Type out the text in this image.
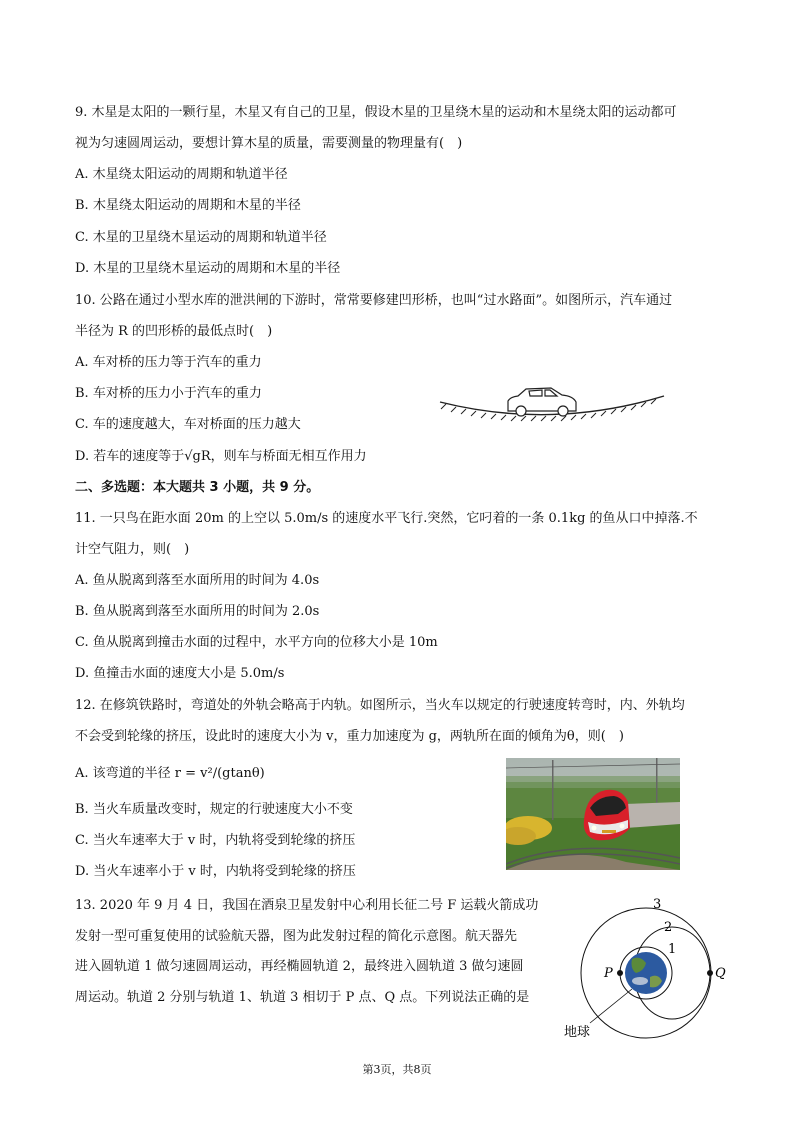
9. 木星是太阳的一颗行星，木星又有自己的卫星，假设木星的卫星绕木星的运动和木星绕太阳的运动都可
视为匀速圆周运动，要想计算木星的质量，需要测量的物理量有(　)
A. 木星绕太阳运动的周期和轨道半径
B. 木星绕太阳运动的周期和木星的半径
C. 木星的卫星绕木星运动的周期和轨道半径
D. 木星的卫星绕木星运动的周期和木星的半径
10. 公路在通过小型水库的泄洪闸的下游时，常常要修建凹形桥，也叫“过水路面”。如图所示，汽车通过
半径为 R 的凹形桥的最低点时(　)
A. 车对桥的压力等于汽车的重力
B. 车对桥的压力小于汽车的重力
C. 车的速度越大，车对桥面的压力越大
D. 若车的速度等于√gR，则车与桥面无相互作用力
二、多选题：本大题共 3 小题，共 9 分。
11. 一只鸟在距水面 20m 的上空以 5.0m/s 的速度水平飞行.突然，它叼着的一条 0.1kg 的鱼从口中掉落.不
计空气阻力，则(　)
A. 鱼从脱离到落至水面所用的时间为 4.0s
B. 鱼从脱离到落至水面所用的时间为 2.0s
C. 鱼从脱离到撞击水面的过程中，水平方向的位移大小是 10m
D. 鱼撞击水面的速度大小是 5.0m/s
12. 在修筑铁路时，弯道处的外轨会略高于内轨。如图所示，当火车以规定的行驶速度转弯时，内、外轨均
不会受到轮缘的挤压，设此时的速度大小为 v，重力加速度为 g，两轨所在面的倾角为θ，则(　)
A. 该弯道的半径 r = v²/(gtanθ)
B. 当火车质量改变时，规定的行驶速度大小不变
C. 当火车速率大于 v 时，内轨将受到轮缘的挤压
D. 当火车速率小于 v 时，内轨将受到轮缘的挤压
13. 2020 年 9 月 4 日，我国在酒泉卫星发射中心利用长征二号 F 运载火箭成功
发射一型可重复使用的试验航天器，图为此发射过程的简化示意图。航天器先
进入圆轨道 1 做匀速圆周运动，再经椭圆轨道 2，最终进入圆轨道 3 做匀速圆
周运动。轨道 2 分别与轨道 1、轨道 3 相切于 P 点、Q 点。下列说法正确的是
3
2
1
P	Q
地球
第3页，共8页
